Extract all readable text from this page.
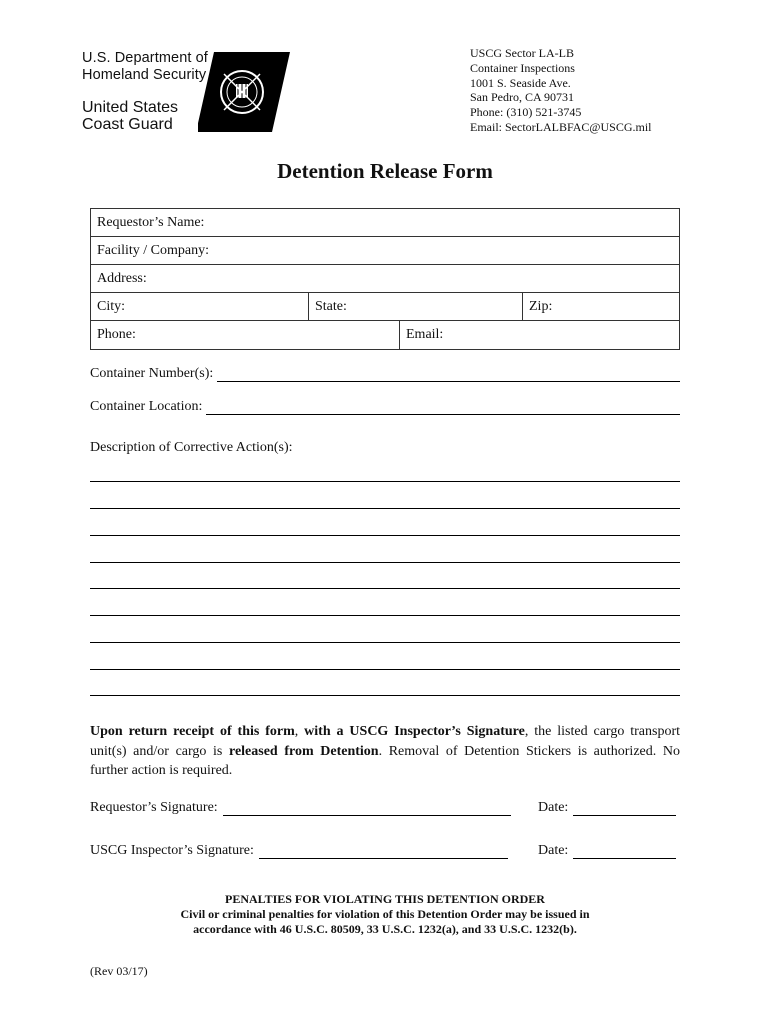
U.S. Department of
Homeland Security
United States
Coast Guard
USCG Sector LA-LB
Container Inspections
1001 S. Seaside Ave.
San Pedro, CA 90731
Phone: (310) 521-3745
Email: SectorLALBFAC@USCG.mil
Detention Release Form
Requestor’s Name:
Facility / Company:
Address:
City:	State:	Zip:
Phone:	Email:
Container Number(s):
Container Location:
Description of Corrective Action(s):
Upon return receipt of this form, with a USCG Inspector’s Signature, the listed cargo transport unit(s) and/or cargo is released from Detention. Removal of Detention Stickers is authorized. No further action is required.
Requestor’s Signature:	Date:
USCG Inspector’s Signature:	Date:
PENALTIES FOR VIOLATING THIS DETENTION ORDER
Civil or criminal penalties for violation of this Detention Order may be issued in
accordance with 46 U.S.C. 80509, 33 U.S.C. 1232(a), and 33 U.S.C. 1232(b).
(Rev 03/17)
